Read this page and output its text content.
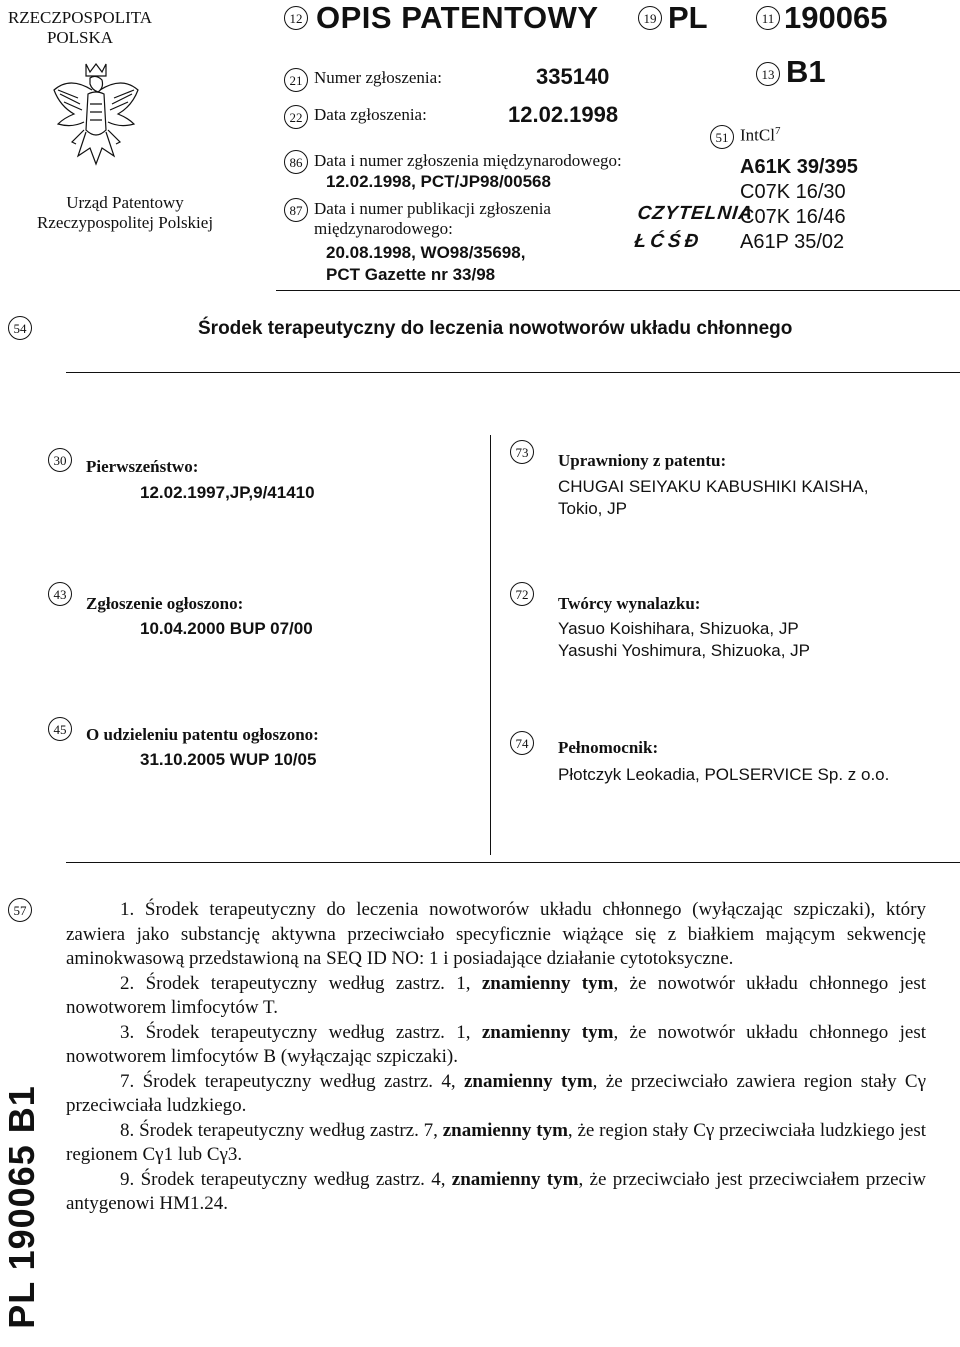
RZECZPOSPOLITA
POLSKA
Urząd Patentowy
Rzeczypospolitej Polskiej
12 OPIS PATENTOWY	19 PL	11 190065
21 Numer zgłoszenia:	335140	13 B1
22 Data zgłoszenia:	12.02.1998
86 Data i numer zgłoszenia międzynarodowego:
12.02.1998, PCT/JP98/00568
87 Data i numer publikacji zgłoszenia
międzynarodowego:
20.08.1998, WO98/35698,
PCT Gazette nr 33/98
CZYTELNIA
ŁĆŚĐ
51 IntCl$^7$
A61K 39/395
C07K 16/30
C07K 16/46
A61P 35/02
54	Środek terapeutyczny do leczenia nowotworów układu chłonnego
30	Pierwszeństwo:
12.02.1997,JP,9/41410
73	Uprawniony z patentu:
CHUGAI SEIYAKU KABUSHIKI KAISHA,
Tokio, JP
43	Zgłoszenie ogłoszono:
10.04.2000 BUP 07/00
72	Twórcy wynalazku:
Yasuo Koishihara, Shizuoka, JP
Yasushi Yoshimura, Shizuoka, JP
45	O udzieleniu patentu ogłoszono:
31.10.2005 WUP 10/05
74	Pełnomocnik:
Płotczyk Leokadia, POLSERVICE Sp. z o.o.
57	1. Środek terapeutyczny do leczenia nowotworów układu chłonnego (wyłączając szpiczaki), który zawiera jako substancję aktywna przeciwciało specyficznie wiążące się z białkiem mającym sekwencję aminokwasową przedstawioną na SEQ ID NO: 1 i posiadające działanie cytotoksyczne.

2. Środek terapeutyczny według zastrz. 1, znamienny tym, że nowotwór układu chłonnego jest nowotworem limfocytów T.

3. Środek terapeutyczny według zastrz. 1, znamienny tym, że nowotwór układu chłonnego jest nowotworem limfocytów B (wyłączając szpiczaki).

7. Środek terapeutyczny według zastrz. 4, znamienny tym, że przeciwciało zawiera region stały Cγ przeciwciała ludzkiego.

8. Środek terapeutyczny według zastrz. 7, znamienny tym, że region stały Cγ przeciwciała ludzkiego jest regionem Cγ1 lub Cγ3.

9. Środek terapeutyczny według zastrz. 4, znamienny tym, że przeciwciało jest przeciwciałem przeciw antygenowi HM1.24.

PL 190065 B1
